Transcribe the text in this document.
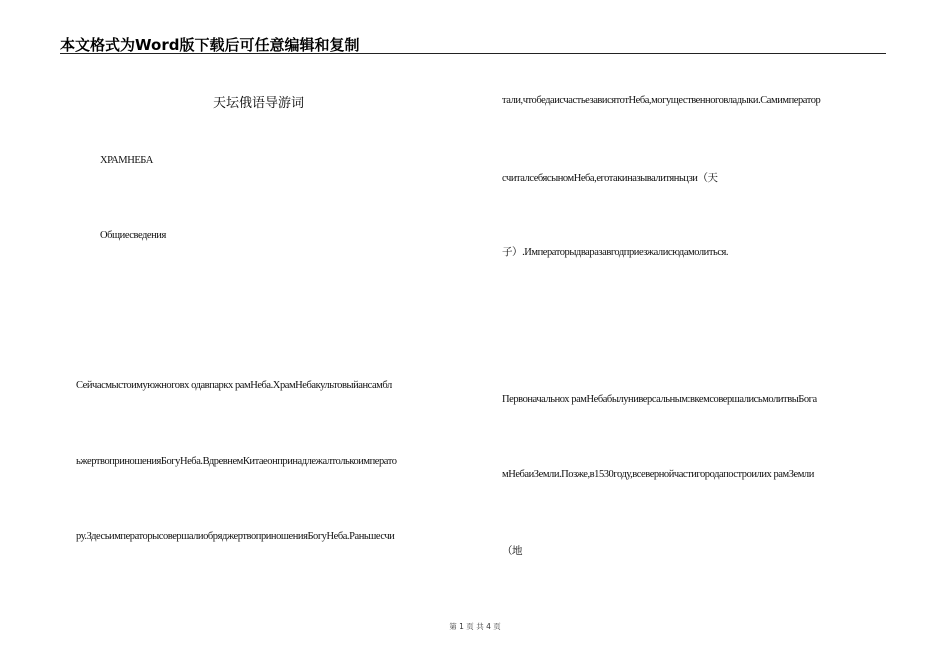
本文格式为Word版下载后可任意编辑和复制
天坛俄语导游词
ХРАМНЕБА
Общиесведения
Сейчасмыстоимуюжноговх одавпаркх рамНеба.ХрамНебакультовыйансамбл
ьжертвоприношенияБогуНеба.ВдревнемКитаеонпринадлежалтолькоимперато
ру.ЗдесьимператорысовершалиобряджертвоприношенияБогуНеба.Раньшесчи
тали,чтобедаисчастьезависятотНеба,могущественноговладыки.Самимператор
считалсебясыномНеба,еготакиназывалитяньцзи（天
子）.Императорыдваразавгодприезжалисюдамолиться.
Первоначальнох рамНебабылуниверсальным:вкемсовершалисьмолитвыБога
мНебаиЗемли.Позже,в1530году,всевернойчастигородапостроилих рамЗемли
（地
第 1 页 共 4 页
